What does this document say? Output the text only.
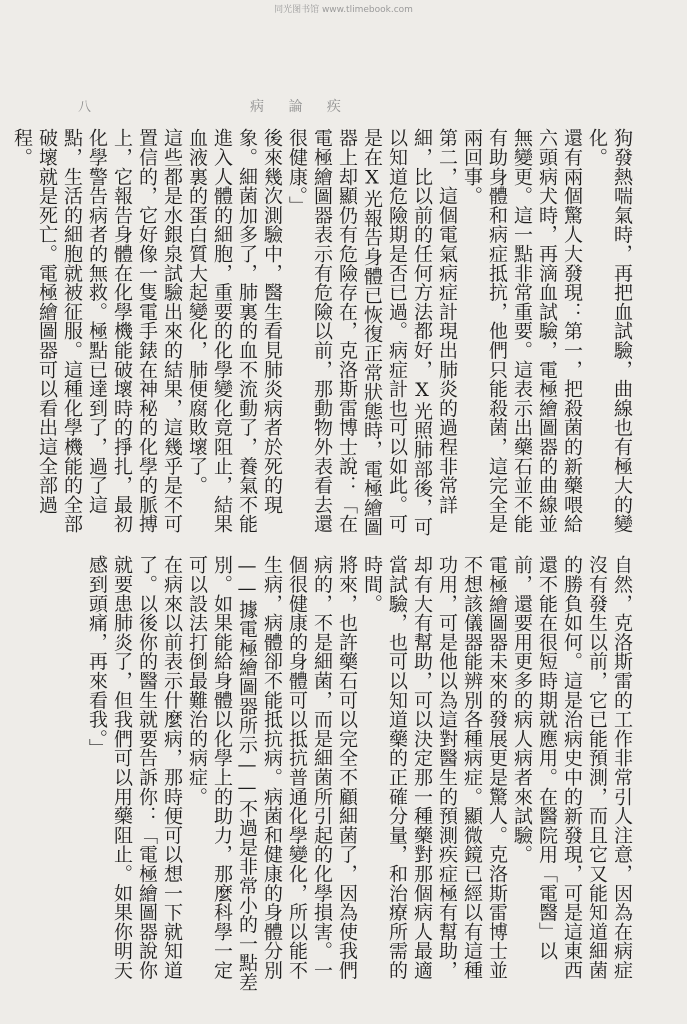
同光图书馆 www.tlimebook.com
病 論 疾
八
狗發熱喘氣時，再把血試驗，曲線也有極大的變化。
還有兩個驚人大發現：第一，把殺菌的新藥喂給六頭病犬時，再滴血試驗，電極繪圖器的曲線並無變更。這一點非常重要。這表示出藥石並不能有助身體和病症抵抗，他們只能殺菌，這完全是兩回事。
第二，這個電氣病症計現出肺炎的過程非常詳細，比以前的任何方法都好，X光照肺部後，可以知道危險期是否已過。病症計也可以如此。可是在X光報告身體已恢復正常狀態時，電極繪圖器上却顯仍有危險存在，克洛斯雷博士說：「在電極繪圖器表示有危險以前，那動物外表看去還很健康。」
後來幾次測驗中，醫生看見肺炎病者於死的現象。細菌加多了，肺裏的血不流動了，養氣不能進入人體的細胞，重要的化學變化竟阻止，結果血液裏的蛋白質大起變化，肺便腐敗壞了。
這些都是水銀泉試驗出來的結果，這幾乎是不可置信的，它好像一隻電手錶在神秘的化學的脈搏上，它報告身體在化學機能破壞時的掙扎，最初化學警告病者的無救。極點已達到了，過了這點，生活的細胞就被征服。這種化學機能的全部破壞就是死亡。電極繪圖器可以看出這全部過程。
自然，克洛斯雷的工作非常引人注意，因為在病症沒有發生以前，它已能預測，而且它又能知道細菌的勝負如何。這是治病史中的新發現，可是這東西還不能在很短時期就應用。在醫院用「電醫」以前，還要用更多的病人病者來試驗。
電極繪圖器未來的發展更是驚人。克洛斯雷博士並不想該儀器能辨別各種病症。顯微鏡已經以有這種功用，可是他以為這對醫生的預測疾症極有幫助，却有大有幫助，可以決定那一種藥對那個病人最適當試驗，也可以知道藥的正確分量，和治療所需的時間。
將來，也許藥石可以完全不顧細菌了，因為使我們病的，不是細菌，而是細菌所引起的化學損害。一個很健康的身體可以抵抗普通化學變化，所以能不生病，病體卻不能抵抗病。病菌和健康的身體分別——據電極繪圖器所示——不過是非常小的一點差別。如果能給身體以化學上的助力，那麼科學一定可以設法打倒最難治的病症。
在病來以前表示什麼病，那時便可以想一下就知道了。以後你的醫生就要告訴你：「電極繪圖器說你就要患肺炎了，但我們可以用藥阻止。如果你明天感到頭痛，再來看我。」
